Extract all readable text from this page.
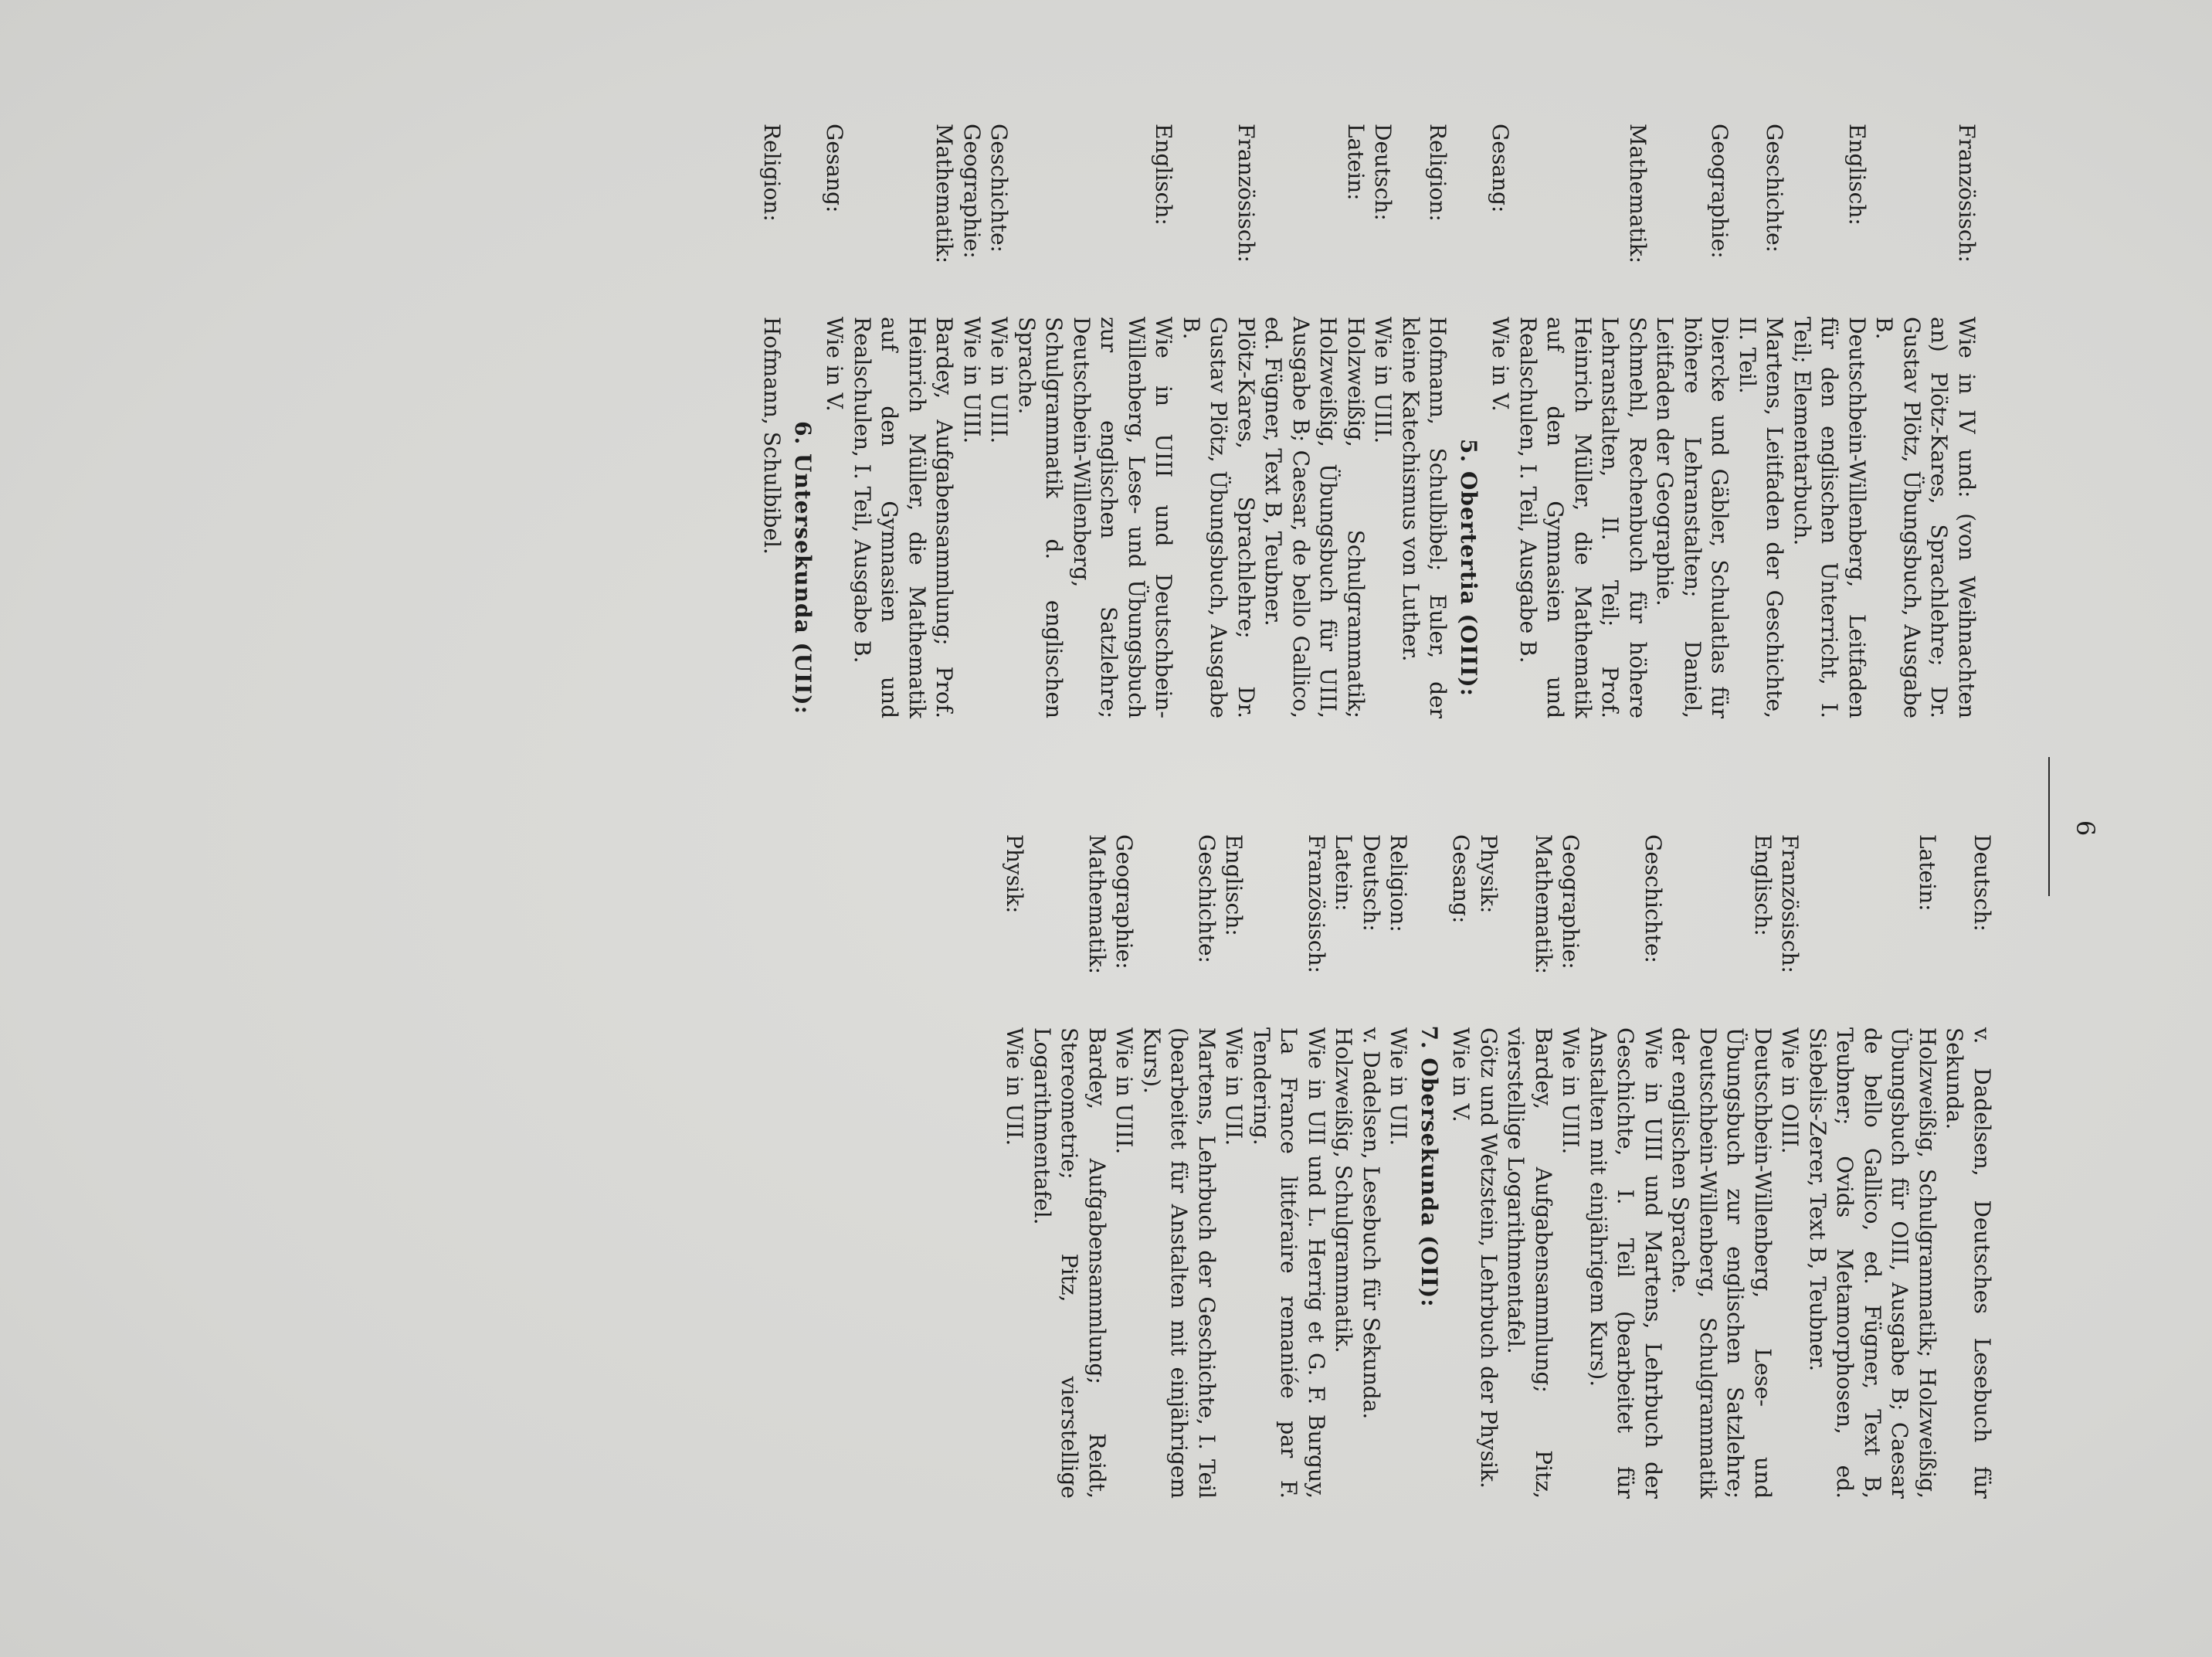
6
Französisch:
Wie in IV und: (von Weihnachten an) Plötz-Kares, Sprachlehre; Dr. Gustav Plötz, Übungsbuch, Ausgabe B.
Englisch:
Deutschbein-Willenberg, Leitfaden für den englischen Unterricht, I. Teil; Elementarbuch.
Geschichte:
Martens, Leitfaden der Geschichte, II. Teil.
Geographie:
Diercke und Gäbler, Schulatlas für höhere Lehranstalten; Daniel, Leitfaden der Geographie.
Mathematik:
Schmehl, Rechenbuch für höhere Lehranstalten, II. Teil; Prof. Heinrich Müller, die Mathematik auf den Gymnasien und Realschulen, I. Teil, Ausgabe B.
Gesang:
Wie in V.
5. Obertertia (OIII):
Religion:
Hofmann, Schulbibel; Euler, der kleine Katechismus von Luther.
Deutsch:
Wie in UIII.
Latein:
Holzweißig, Schulgrammatik; Holzweißig, Übungsbuch für UIII, Ausgabe B; Caesar, de bello Gallico, ed. Fügner, Text B, Teubner.
Französisch:
Plötz-Kares, Sprachlehre; Dr. Gustav Plötz, Übungsbuch, Ausgabe B.
Englisch:
Wie in UIII und Deutschbein-Willenberg, Lese- und Übungsbuch zur englischen Satzlehre; Deutschbein-Willenberg, Schulgrammatik d. englischen Sprache.
Geschichte:
Wie in UIII.
Geographie:
Wie in UIII.
Mathematik:
Bardey, Aufgabensammlung; Prof. Heinrich Müller, die Mathematik auf den Gymnasien und Realschulen, I. Teil, Ausgabe B.
Gesang:
Wie in V.
6. Untersekunda (UII):
Religion:
Hofmann, Schulbibel.
Deutsch:
v. Dadelsen, Deutsches Lesebuch für Sekunda.
Latein:
Holzweißig, Schulgrammatik; Holzweißig, Übungsbuch für OIII, Ausgabe B; Caesar de bello Gallico, ed. Fügner, Text B, Teubner; Ovids Metamorphosen, ed. Siebelis-Zerer, Text B, Teubner.
Französisch:
Wie in OIII.
Englisch:
Deutschbein-Willenberg, Lese- und Übungsbuch zur englischen Satzlehre; Deutschbein-Willenberg, Schulgrammatik der englischen Sprache.
Geschichte:
Wie in UIII und Martens, Lehrbuch der Geschichte, I. Teil (bearbeitet für Anstalten mit einjährigem Kurs).
Geographie:
Wie in UIII.
Mathematik:
Bardey, Aufgabensammlung; Pitz, vierstellige Logarithmentafel.
Physik:
Götz und Wetzstein, Lehrbuch der Physik.
Gesang:
Wie in V.
7. Obersekunda (OII):
Religion:
Wie in UII.
Deutsch:
v. Dadelsen, Lesebuch für Sekunda.
Latein:
Holzweißig, Schulgrammatik.
Französisch:
Wie in UII und L. Herrig et G. F. Burguy, La France littéraire remaniée par F. Tendering.
Englisch:
Wie in UII.
Geschichte:
Martens, Lehrbuch der Geschichte, I. Teil (bearbeitet für Anstalten mit einjährigem Kurs).
Geographie:
Wie in UIII.
Mathematik:
Bardey, Aufgabensammlung; Reidt, Stereometrie; Pitz, vierstellige Logarithmentafel.
Physik:
Wie in UII.
